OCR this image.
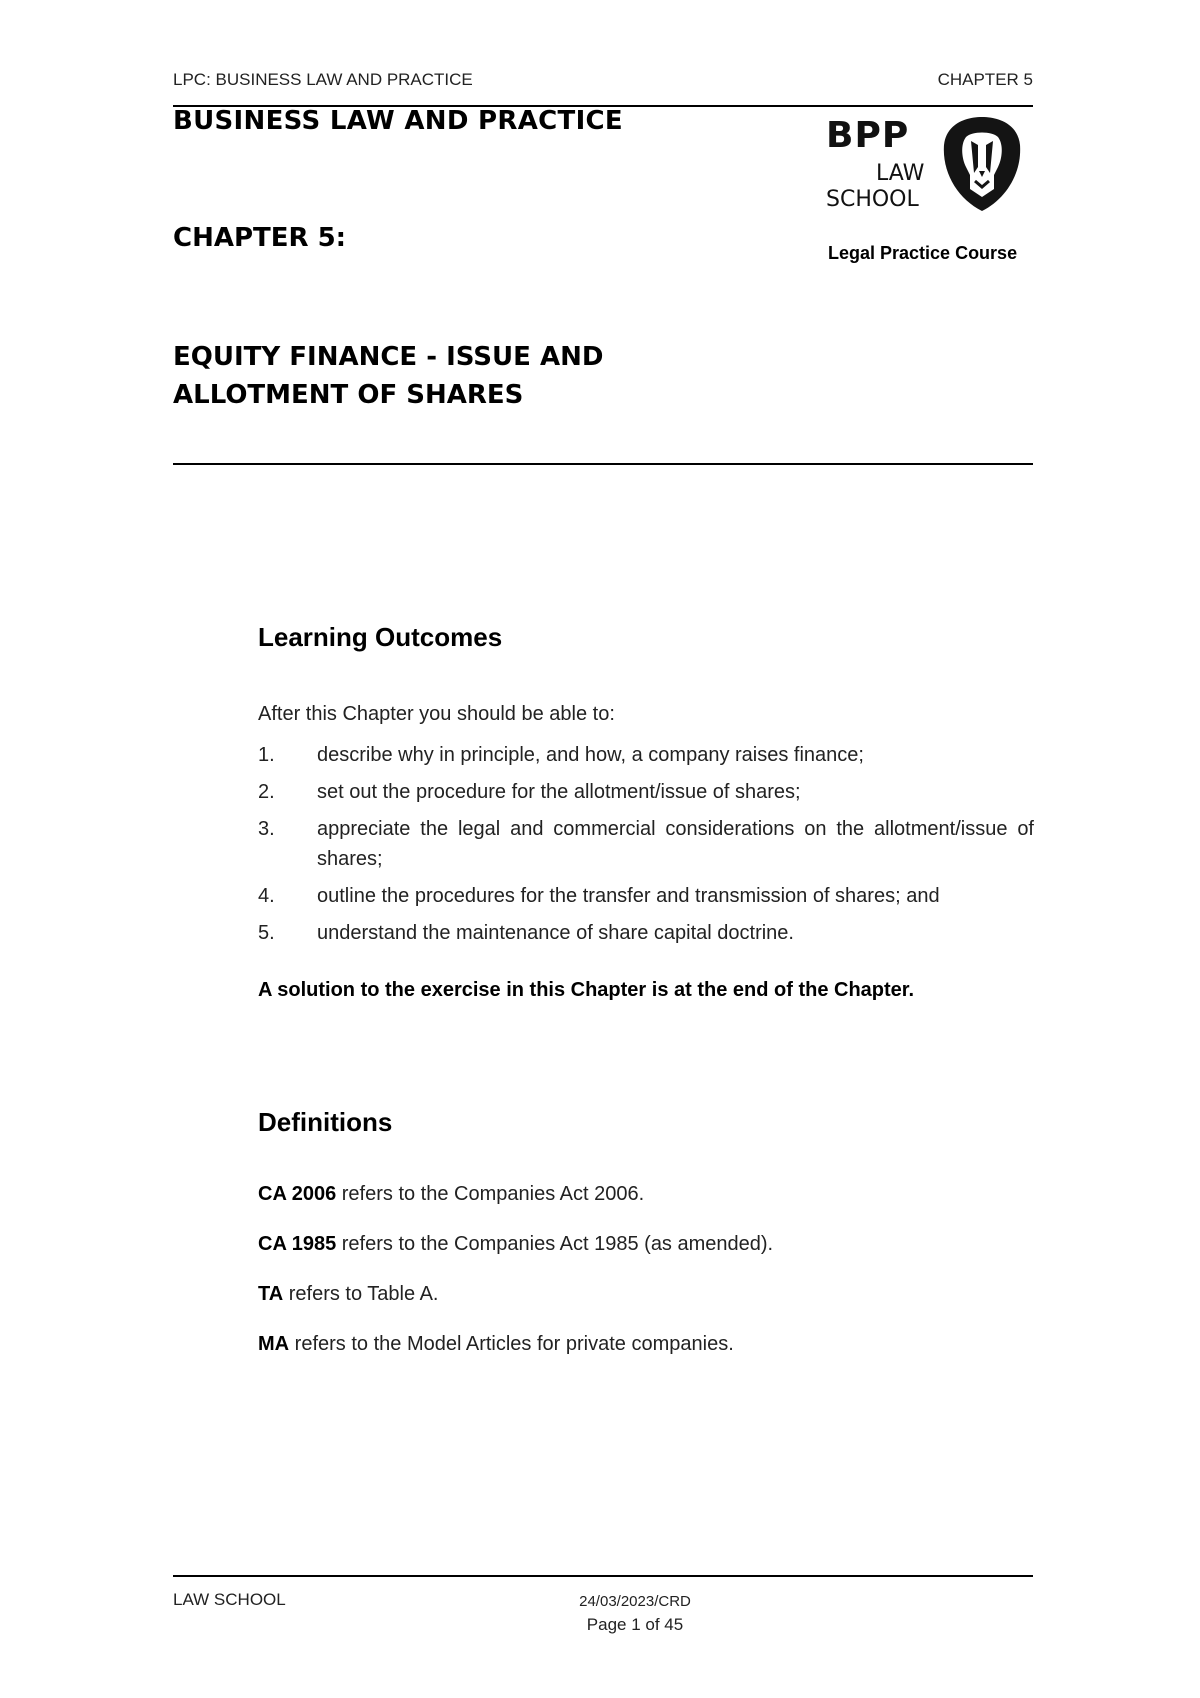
LPC: BUSINESS LAW AND PRACTICE	CHAPTER 5
BUSINESS LAW AND PRACTICE
CHAPTER 5:
EQUITY FINANCE - ISSUE AND
ALLOTMENT OF SHARES
BPP
LAW
SCHOOL
Legal Practice Course
Learning Outcomes
After this Chapter you should be able to:
1. describe why in principle, and how, a company raises finance;
2. set out the procedure for the allotment/issue of shares;
3. appreciate the legal and commercial considerations on the allotment/issue of shares;
4. outline the procedures for the transfer and transmission of shares; and
5. understand the maintenance of share capital doctrine.
A solution to the exercise in this Chapter is at the end of the Chapter.
Definitions
CA 2006 refers to the Companies Act 2006.
CA 1985 refers to the Companies Act 1985 (as amended).
TA refers to Table A.
MA refers to the Model Articles for private companies.
LAW SCHOOL	24/03/2023/CRD
Page 1 of 45
